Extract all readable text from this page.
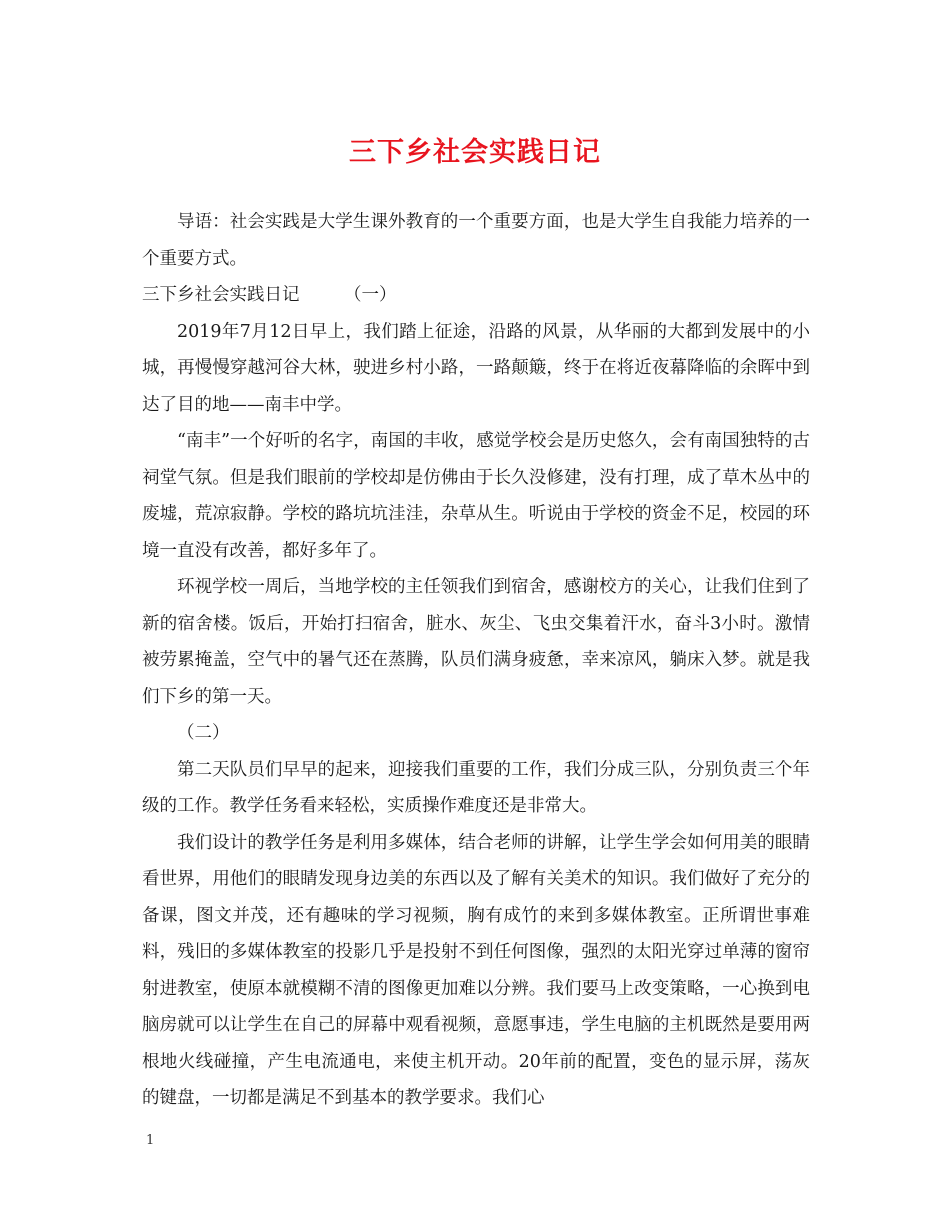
三下乡社会实践日记

导语：社会实践是大学生课外教育的一个重要方面，也是大学生自我能力培养的一个重要方式。

三下乡社会实践日记        （一）

2019年7月12日早上，我们踏上征途，沿路的风景，从华丽的大都到发展中的小城，再慢慢穿越河谷大林，驶进乡村小路，一路颠簸，终于在将近夜幕降临的余晖中到达了目的地——南丰中学。

“南丰”一个好听的名字，南国的丰收，感觉学校会是历史悠久，会有南国独特的古祠堂气氛。但是我们眼前的学校却是仿佛由于长久没修建，没有打理，成了草木丛中的废墟，荒凉寂静。学校的路坑坑洼洼，杂草从生。听说由于学校的资金不足，校园的环境一直没有改善，都好多年了。

环视学校一周后，当地学校的主任领我们到宿舍，感谢校方的关心，让我们住到了新的宿舍楼。饭后，开始打扫宿舍，脏水、灰尘、飞虫交集着汗水，奋斗3小时。激情被劳累掩盖，空气中的暑气还在蒸腾，队员们满身疲惫，幸来凉风，躺床入梦。就是我们下乡的第一天。

（二）

第二天队员们早早的起来，迎接我们重要的工作，我们分成三队，分别负责三个年级的工作。教学任务看来轻松，实质操作难度还是非常大。

我们设计的教学任务是利用多媒体，结合老师的讲解，让学生学会如何用美的眼睛看世界，用他们的眼睛发现身边美的东西以及了解有关美术的知识。我们做好了充分的备课，图文并茂，还有趣味的学习视频，胸有成竹的来到多媒体教室。正所谓世事难料，残旧的多媒体教室的投影几乎是投射不到任何图像，强烈的太阳光穿过单薄的窗帘射进教室，使原本就模糊不清的图像更加难以分辨。我们要马上改变策略，一心换到电脑房就可以让学生在自己的屏幕中观看视频，意愿事违，学生电脑的主机既然是要用两根地火线碰撞，产生电流通电，来使主机开动。20年前的配置，变色的显示屏，荡灰的键盘，一切都是满足不到基本的教学要求。我们心

1
